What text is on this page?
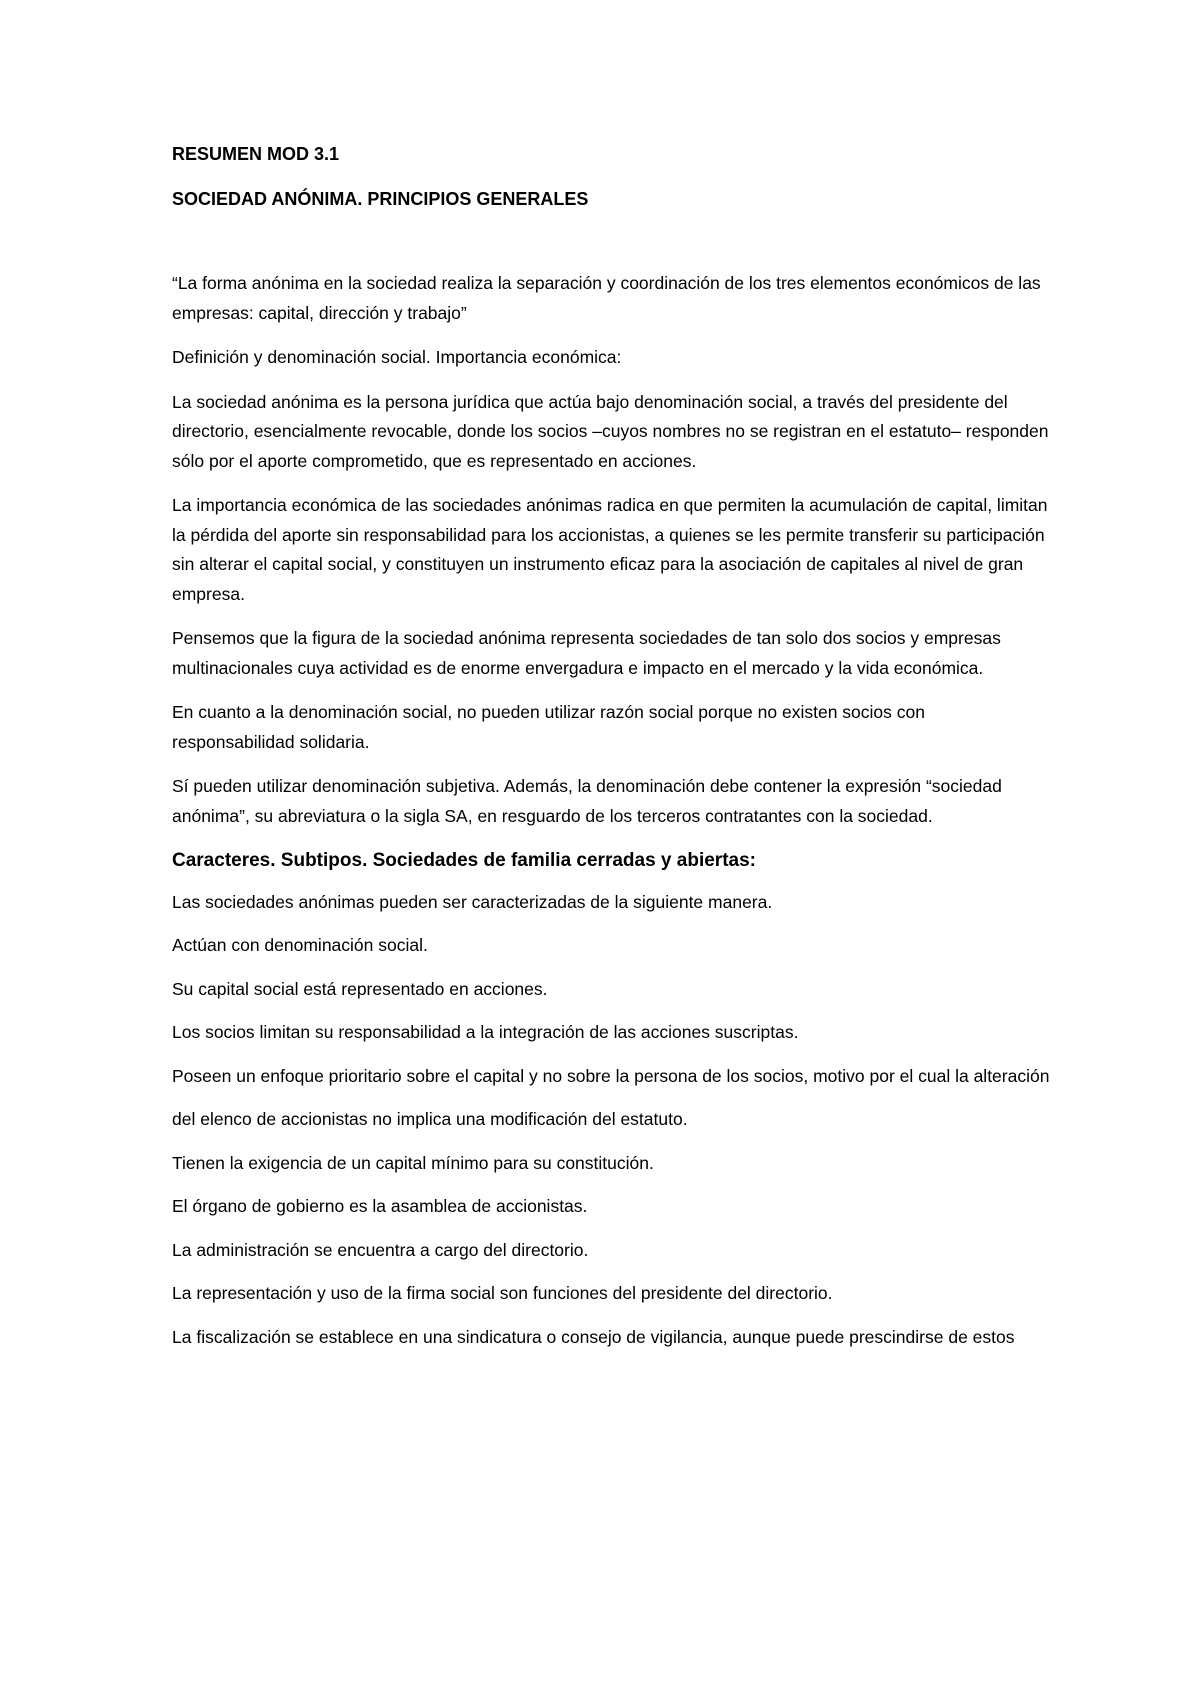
RESUMEN MOD 3.1

SOCIEDAD ANÓNIMA. PRINCIPIOS GENERALES

“La forma anónima en la sociedad realiza la separación y coordinación de los tres elementos económicos de las empresas: capital, dirección y trabajo”

Definición y denominación social. Importancia económica:

La sociedad anónima es la persona jurídica que actúa bajo denominación social, a través del presidente del directorio, esencialmente revocable, donde los socios –cuyos nombres no se registran en el estatuto– responden sólo por el aporte comprometido, que es representado en acciones.

La importancia económica de las sociedades anónimas radica en que permiten la acumulación de capital, limitan la pérdida del aporte sin responsabilidad para los accionistas, a quienes se les permite transferir su participación sin alterar el capital social, y constituyen un instrumento eficaz para la asociación de capitales al nivel de gran empresa.

Pensemos que la figura de la sociedad anónima representa sociedades de tan solo dos socios y empresas multinacionales cuya actividad es de enorme envergadura e impacto en el mercado y la vida económica.

En cuanto a la denominación social, no pueden utilizar razón social porque no existen socios con responsabilidad solidaria.

Sí pueden utilizar denominación subjetiva. Además, la denominación debe contener la expresión “sociedad anónima”, su abreviatura o la sigla SA, en resguardo de los terceros contratantes con la sociedad.

Caracteres. Subtipos. Sociedades de familia cerradas y abiertas:

Las sociedades anónimas pueden ser caracterizadas de la siguiente manera.

Actúan con denominación social.

Su capital social está representado en acciones.

Los socios limitan su responsabilidad a la integración de las acciones suscriptas.

Poseen un enfoque prioritario sobre el capital y no sobre la persona de los socios, motivo por el cual la alteración

del elenco de accionistas no implica una modificación del estatuto.

Tienen la exigencia de un capital mínimo para su constitución.

El órgano de gobierno es la asamblea de accionistas.

La administración se encuentra a cargo del directorio.

La representación y uso de la firma social son funciones del presidente del directorio.

La fiscalización se establece en una sindicatura o consejo de vigilancia, aunque puede prescindirse de estos
